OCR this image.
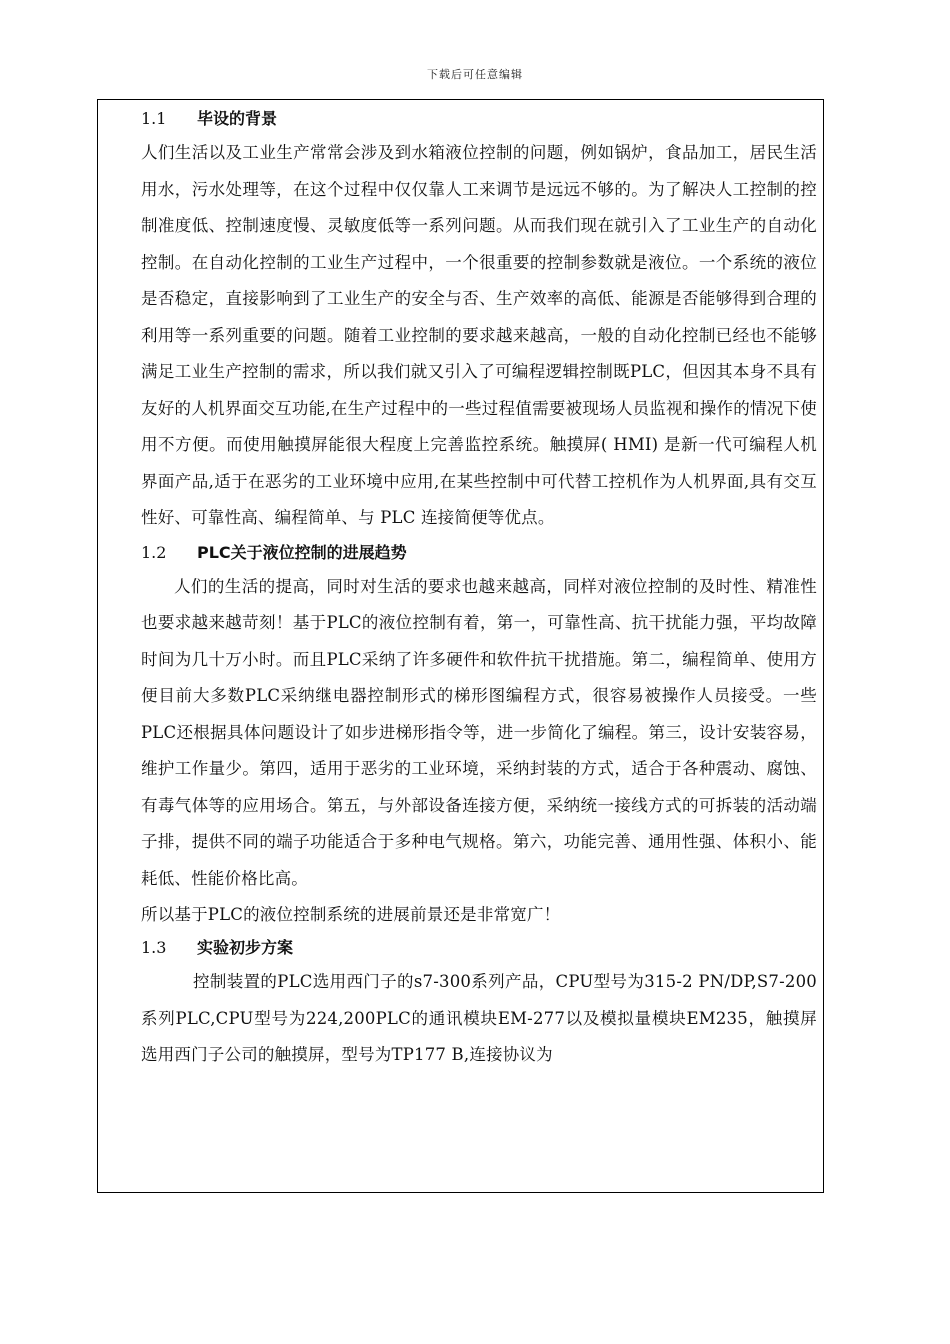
下载后可任意编辑
1.1 毕设的背景

人们生活以及工业生产常常会涉及到水箱液位控制的问题，例如锅炉，食品加工，居民生活用水，污水处理等，在这个过程中仅仅靠人工来调节是远远不够的。为了解决人工控制的控制准度低、控制速度慢、灵敏度低等一系列问题。从而我们现在就引入了工业生产的自动化控制。在自动化控制的工业生产过程中，一个很重要的控制参数就是液位。一个系统的液位是否稳定，直接影响到了工业生产的安全与否、生产效率的高低、能源是否能够得到合理的利用等一系列重要的问题。随着工业控制的要求越来越高，一般的自动化控制已经也不能够满足工业生产控制的需求，所以我们就又引入了可编程逻辑控制既PLC，但因其本身不具有友好的人机界面交互功能,在生产过程中的一些过程值需要被现场人员监视和操作的情况下使用不方便。而使用触摸屏能很大程度上完善监控系统。触摸屏( HMI) 是新一代可编程人机界面产品,适于在恶劣的工业环境中应用,在某些控制中可代替工控机作为人机界面,具有交互性好、可靠性高、编程简单、与 PLC 连接简便等优点。

1.2 PLC关于液位控制的进展趋势

人们的生活的提高，同时对生活的要求也越来越高，同样对液位控制的及时性、精准性也要求越来越苛刻！基于PLC的液位控制有着，第一，可靠性高、抗干扰能力强，平均故障时间为几十万小时。而且PLC采纳了许多硬件和软件抗干扰措施。第二，编程简单、使用方便目前大多数PLC采纳继电器控制形式的梯形图编程方式，很容易被操作人员接受。一些PLC还根据具体问题设计了如步进梯形指令等，进一步简化了编程。第三，设计安装容易，维护工作量少。第四，适用于恶劣的工业环境，采纳封装的方式，适合于各种震动、腐蚀、有毒气体等的应用场合。第五，与外部设备连接方便，采纳统一接线方式的可拆装的活动端子排，提供不同的端子功能适合于多种电气规格。第六，功能完善、通用性强、体积小、能耗低、性能价格比高。

所以基于PLC的液位控制系统的进展前景还是非常宽广！

1.3 实验初步方案

控制装置的PLC选用西门子的s7-300系列产品，CPU型号为315-2 PN/DP,S7-200系列PLC,CPU型号为224,200PLC的通讯模块EM-277以及模拟量模块EM235，触摸屏选用西门子公司的触摸屏，型号为TP177 B,连接协议为
